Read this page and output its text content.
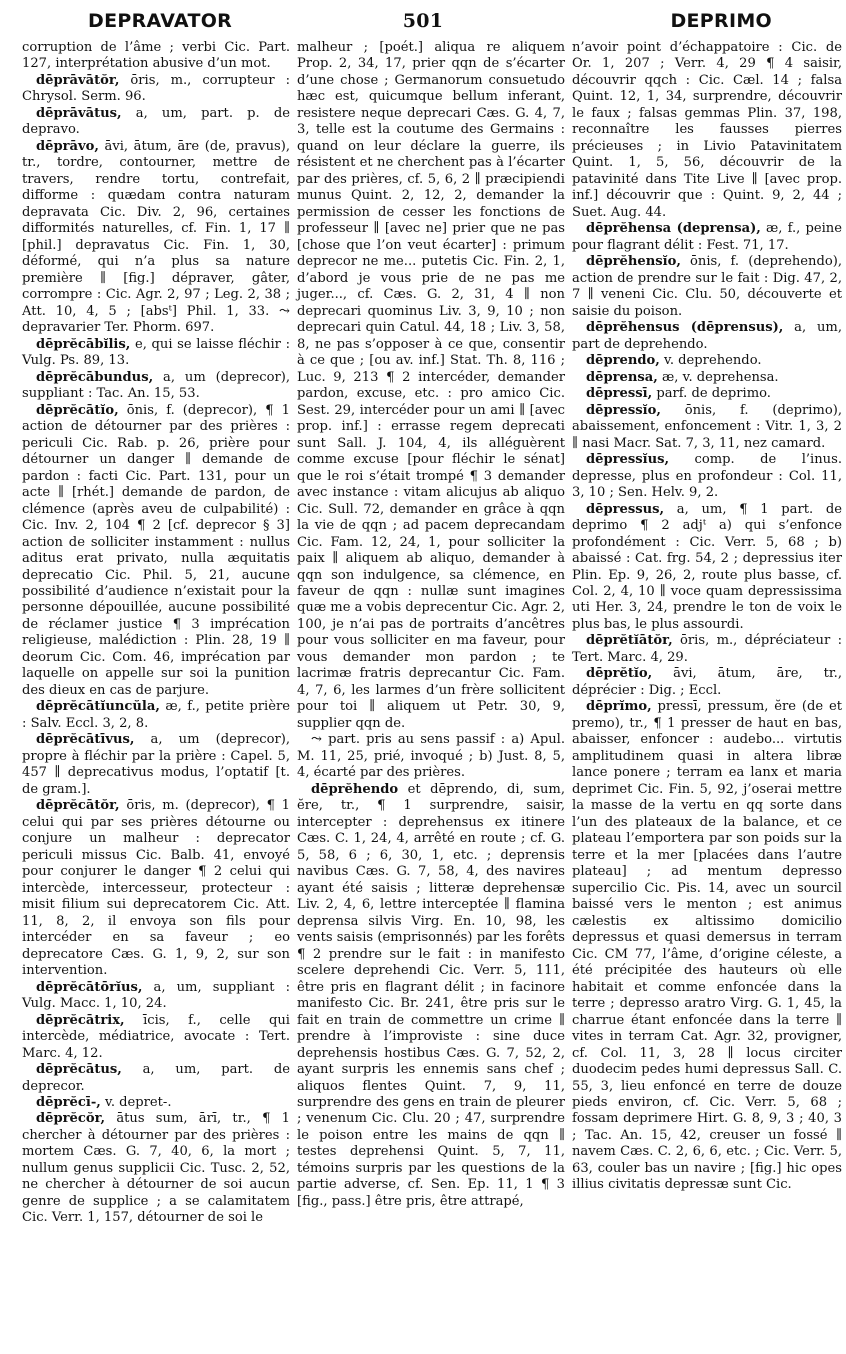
DEPRAVATOR	501	DEPRIMO

corruption de l’âme ; verbi Cic. Part. 127, interprétation abusive d’un mot.

dēprāvātŏr, ōris, m., corrupteur : Chrysol. Serm. 96.

dēprāvātus, a, um, part. p. de depravo.

dēprāvo, āvi, ātum, āre (de, pravus), tr., tordre, contourner, mettre de travers, rendre tortu, contrefait, difforme : quædam contra naturam depravata Cic. Div. 2, 96, certaines difformités naturelles, cf. Fin. 1, 17 ∥ [phil.] depravatus Cic. Fin. 1, 30, déformé, qui n’a plus sa nature première ∥ [fig.] dépraver, gâter, corrompre : Cic. Agr. 2, 97 ; Leg. 2, 38 ; Att. 10, 4, 5 ; [absᵗ] Phil. 1, 33. ⤳ depravarier Ter. Phorm. 697.

dēprĕcābĭlis, e, qui se laisse fléchir : Vulg. Ps. 89, 13.

dēprĕcābundus, a, um (deprecor), suppliant : Tac. An. 15, 53.

dēprĕcātĭo, ōnis, f. (deprecor), ¶ 1 action de détourner par des prières : periculi Cic. Rab. p. 26, prière pour détourner un danger ∥ demande de pardon : facti Cic. Part. 131, pour un acte ∥ [rhét.] demande de pardon, de clémence (après aveu de culpabilité) : Cic. Inv. 2, 104 ¶ 2 [cf. deprecor § 3] action de solliciter instamment : nullus aditus erat privato, nulla æquitatis deprecatio Cic. Phil. 5, 21, aucune possibilité d’audience n’existait pour la personne dépouillée, aucune possibilité de réclamer justice ¶ 3 imprécation religieuse, malédiction : Plin. 28, 19 ∥ deorum Cic. Com. 46, imprécation par laquelle on appelle sur soi la punition des dieux en cas de parjure.

dēprĕcātĭuncŭla, æ, f., petite prière : Salv. Eccl. 3, 2, 8.

dēprĕcātīvus, a, um (deprecor), propre à fléchir par la prière : Capel. 5, 457 ∥ deprecativus modus, l’optatif [t. de gram.].

dēprĕcātŏr, ōris, m. (deprecor), ¶ 1 celui qui par ses prières détourne ou conjure un malheur : deprecator periculi missus Cic. Balb. 41, envoyé pour conjurer le danger ¶ 2 celui qui intercède, intercesseur, protecteur : misit filium sui deprecatorem Cic. Att. 11, 8, 2, il envoya son fils pour intercéder en sa faveur ; eo deprecatore Cæs. G. 1, 9, 2, sur son intervention.

dēprĕcātōrĭus, a, um, suppliant : Vulg. Macc. 1, 10, 24.

dēprĕcātrix, īcis, f., celle qui intercède, médiatrice, avocate : Tert. Marc. 4, 12.

dēprĕcātus, a, um, part. de deprecor.

dēprĕcī-, v. depret-.

dēprĕcŏr, ātus sum, ārī, tr., ¶ 1 chercher à détourner par des prières : mortem Cæs. G. 7, 40, 6, la mort ; nullum genus supplicii Cic. Tusc. 2, 52, ne chercher à détourner de soi aucun genre de supplice ; a se calamitatem Cic. Verr. 1, 157, détourner de soi le

malheur ; [poét.] aliqua re aliquem Prop. 2, 34, 17, prier qqn de s’écarter d’une chose ; Germanorum consuetudo hæc est, quicumque bellum inferant, resistere neque deprecari Cæs. G. 4, 7, 3, telle est la coutume des Germains : quand on leur déclare la guerre, ils résistent et ne cherchent pas à l’écarter par des prières, cf. 5, 6, 2 ∥ præcipiendi munus Quint. 2, 12, 2, demander la permission de cesser les fonctions de professeur ∥ [avec ne] prier que ne pas [chose que l’on veut écarter] : primum deprecor ne me... putetis Cic. Fin. 2, 1, d’abord je vous prie de ne pas me juger..., cf. Cæs. G. 2, 31, 4 ∥ non deprecari quominus Liv. 3, 9, 10 ; non deprecari quin Catul. 44, 18 ; Liv. 3, 58, 8, ne pas s’opposer à ce que, consentir à ce que ; [ou av. inf.] Stat. Th. 8, 116 ; Luc. 9, 213 ¶ 2 intercéder, demander pardon, excuse, etc. : pro amico Cic. Sest. 29, intercéder pour un ami ∥ [avec prop. inf.] : errasse regem deprecati sunt Sall. J. 104, 4, ils alléguèrent comme excuse [pour fléchir le sénat] que le roi s’était trompé ¶ 3 demander avec instance : vitam alicujus ab aliquo Cic. Sull. 72, demander en grâce à qqn la vie de qqn ; ad pacem deprecandam Cic. Fam. 12, 24, 1, pour solliciter la paix ∥ aliquem ab aliquo, demander à qqn son indulgence, sa clémence, en faveur de qqn : nullæ sunt imagines quæ me a vobis deprecentur Cic. Agr. 2, 100, je n’ai pas de portraits d’ancêtres pour vous solliciter en ma faveur, pour vous demander mon pardon ; te lacrimæ fratris deprecantur Cic. Fam. 4, 7, 6, les larmes d’un frère sollicitent pour toi ∥ aliquem ut Petr. 30, 9, supplier qqn de.

⤳ part. pris au sens passif : a) Apul. M. 11, 25, prié, invoqué ; b) Just. 8, 5, 4, écarté par des prières.

dēprĕhendo et dēprendo, di, sum, ĕre, tr., ¶ 1 surprendre, saisir, intercepter : deprehensus ex itinere Cæs. C. 1, 24, 4, arrêté en route ; cf. G. 5, 58, 6 ; 6, 30, 1, etc. ; deprensis navibus Cæs. G. 7, 58, 4, des navires ayant été saisis ; litteræ deprehensæ Liv. 2, 4, 6, lettre interceptée ∥ flamina deprensa silvis Virg. En. 10, 98, les vents saisis (emprisonnés) par les forêts ¶ 2 prendre sur le fait : in manifesto scelere deprehendi Cic. Verr. 5, 111, être pris en flagrant délit ; in facinore manifesto Cic. Br. 241, être pris sur le fait en train de commettre un crime ∥ prendre à l’improviste : sine duce deprehensis hostibus Cæs. G. 7, 52, 2, ayant surpris les ennemis sans chef ; aliquos flentes Quint. 7, 9, 11, surprendre des gens en train de pleurer ; venenum Cic. Clu. 20 ; 47, surprendre le poison entre les mains de qqn ∥ testes deprehensi Quint. 5, 7, 11, témoins surpris par les questions de la partie adverse, cf. Sen. Ep. 11, 1 ¶ 3 [fig., pass.] être pris, être attrapé,

n’avoir point d’échappatoire : Cic. de Or. 1, 207 ; Verr. 4, 29 ¶ 4 saisir, découvrir qqch : Cic. Cæl. 14 ; falsa Quint. 12, 1, 34, surprendre, découvrir le faux ; falsas gemmas Plin. 37, 198, reconnaître les fausses pierres précieuses ; in Livio Patavinitatem Quint. 1, 5, 56, découvrir de la patavinité dans Tite Live ∥ [avec prop. inf.] découvrir que : Quint. 9, 2, 44 ; Suet. Aug. 44.

dēprĕhensa (deprensa), æ, f., peine pour flagrant délit : Fest. 71, 17.

dēprĕhensĭo, ōnis, f. (deprehendo), action de prendre sur le fait : Dig. 47, 2, 7 ∥ veneni Cic. Clu. 50, découverte et saisie du poison.

dēprĕhensus (dēprensus), a, um, part de deprehendo.

dēprendo, v. deprehendo.

dēprensa, æ, v. deprehensa.

dēpressī, parf. de deprimo.

dēpressĭo, ōnis, f. (deprimo), abaissement, enfoncement : Vitr. 1, 3, 2 ∥ nasi Macr. Sat. 7, 3, 11, nez camard.

dēpressĭus, comp. de l’inus. depresse, plus en profondeur : Col. 11, 3, 10 ; Sen. Helv. 9, 2.

dēpressus, a, um, ¶ 1 part. de deprimo ¶ 2 adjᵗ a) qui s’enfonce profondément : Cic. Verr. 5, 68 ; b) abaissé : Cat. frg. 54, 2 ; depressius iter Plin. Ep. 9, 26, 2, route plus basse, cf. Col. 2, 4, 10 ∥ voce quam depressissima uti Her. 3, 24, prendre le ton de voix le plus bas, le plus assourdi.

dēprĕtĭātŏr, ōris, m., dépréciateur : Tert. Marc. 4, 29.

dēprĕtĭo, āvi, ātum, āre, tr., déprécier : Dig. ; Eccl.

dēprĭmo, pressī, pressum, ĕre (de et premo), tr., ¶ 1 presser de haut en bas, abaisser, enfoncer : audebo... virtutis amplitudinem quasi in altera libræ lance ponere ; terram ea lanx et maria deprimet Cic. Fin. 5, 92, j’oserai mettre la masse de la vertu en qq sorte dans l’un des plateaux de la balance, et ce plateau l’emportera par son poids sur la terre et la mer [placées dans l’autre plateau] ; ad mentum depresso supercilio Cic. Pis. 14, avec un sourcil baissé vers le menton ; est animus cælestis ex altissimo domicilio depressus et quasi demersus in terram Cic. CM 77, l’âme, d’origine céleste, a été précipitée des hauteurs où elle habitait et comme enfoncée dans la terre ; depresso aratro Virg. G. 1, 45, la charrue étant enfoncée dans la terre ∥ vites in terram Cat. Agr. 32, provigner, cf. Col. 11, 3, 28 ∥ locus circiter duodecim pedes humi depressus Sall. C. 55, 3, lieu enfoncé en terre de douze pieds environ, cf. Cic. Verr. 5, 68 ; fossam deprimere Hirt. G. 8, 9, 3 ; 40, 3 ; Tac. An. 15, 42, creuser un fossé ∥ navem Cæs. C. 2, 6, 6, etc. ; Cic. Verr. 5, 63, couler bas un navire ; [fig.] hic opes illius civitatis depressæ sunt Cic.
